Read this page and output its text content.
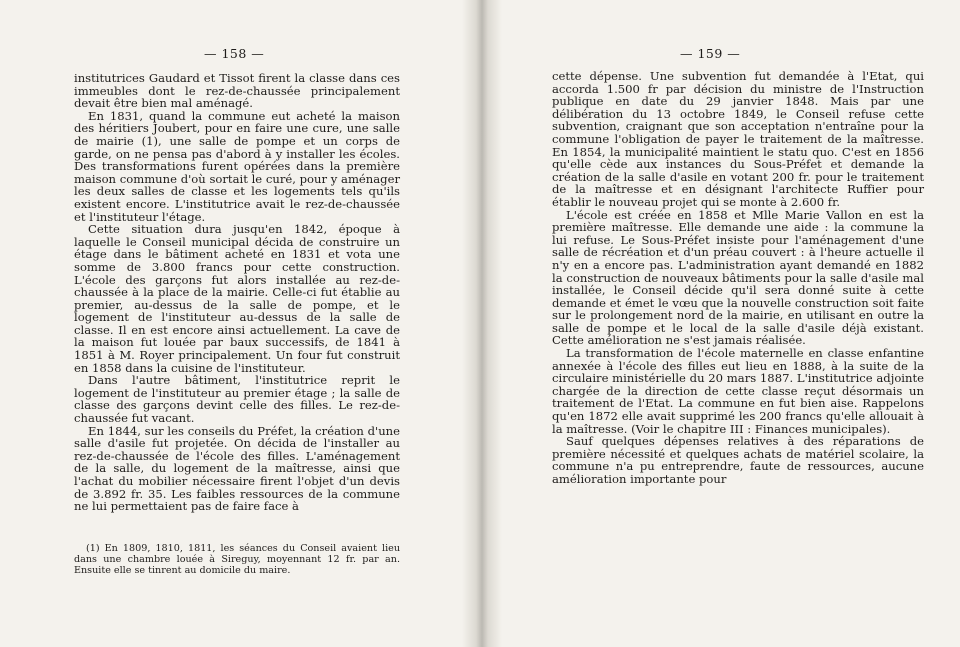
— 158 —

institutrices Gaudard et Tissot firent la classe dans ces immeubles dont le rez-de-chaussée principalement devait être bien mal aménagé.

En 1831, quand la commune eut acheté la maison des héritiers Joubert, pour en faire une cure, une salle de mairie (1), une salle de pompe et un corps de garde, on ne pensa pas d'abord à y installer les écoles. Des transformations furent opérées dans la première maison commune d'où sortait le curé, pour y aménager les deux salles de classe et les logements tels qu'ils existent encore. L'institutrice avait le rez-de-chaussée et l'instituteur l'étage.

Cette situation dura jusqu'en 1842, époque à laquelle le Conseil municipal décida de construire un étage dans le bâtiment acheté en 1831 et vota une somme de 3.800 francs pour cette construction. L'école des garçons fut alors installée au rez-de-chaussée à la place de la mairie. Celle-ci fut établie au premier, au-dessus de la salle de pompe, et le logement de l'instituteur au-dessus de la salle de classe. Il en est encore ainsi actuellement. La cave de la maison fut louée par baux successifs, de 1841 à 1851 à M. Royer principalement. Un four fut construit en 1858 dans la cuisine de l'instituteur.

Dans l'autre bâtiment, l'institutrice reprit le logement de l'instituteur au premier étage ; la salle de classe des garçons devint celle des filles. Le rez-de-chaussée fut vacant.

En 1844, sur les conseils du Préfet, la création d'une salle d'asile fut projetée. On décida de l'installer au rez-de-chaussée de l'école des filles. L'aménagement de la salle, du logement de la maîtresse, ainsi que l'achat du mobilier nécessaire firent l'objet d'un devis de 3.892 fr. 35. Les faibles ressources de la commune ne lui permettaient pas de faire face à

(1) En 1809, 1810, 1811, les séances du Conseil avaient lieu dans une chambre louée à Sireguy, moyennant 12 fr. par an. Ensuite elle se tinrent au domicile du maire.

— 159 —

cette dépense. Une subvention fut demandée à l'Etat, qui accorda 1.500 fr par décision du ministre de l'Instruction publique en date du 29 janvier 1848. Mais par une délibération du 13 octobre 1849, le Conseil refuse cette subvention, craignant que son acceptation n'entraîne pour la commune l'obligation de payer le traitement de la maîtresse. En 1854, la municipalité maintient le statu quo. C'est en 1856 qu'elle cède aux instances du Sous-Préfet et demande la création de la salle d'asile en votant 200 fr. pour le traitement de la maîtresse et en désignant l'architecte Ruffier pour établir le nouveau projet qui se monte à 2.600 fr.

L'école est créée en 1858 et Mlle Marie Vallon en est la première maîtresse. Elle demande une aide : la commune la lui refuse. Le Sous-Préfet insiste pour l'aménagement d'une salle de récréation et d'un préau couvert : à l'heure actuelle il n'y en a encore pas. L'administration ayant demandé en 1882 la construction de nouveaux bâtiments pour la salle d'asile mal installée, le Conseil décide qu'il sera donné suite à cette demande et émet le vœu que la nouvelle construction soit faite sur le prolongement nord de la mairie, en utilisant en outre la salle de pompe et le local de la salle d'asile déjà existant. Cette amélioration ne s'est jamais réalisée.

La transformation de l'école maternelle en classe enfantine annexée à l'école des filles eut lieu en 1888, à la suite de la circulaire ministérielle du 20 mars 1887. L'institutrice adjointe chargée de la direction de cette classe reçut désormais un traitement de l'Etat. La commune en fut bien aise. Rappelons qu'en 1872 elle avait supprimé les 200 francs qu'elle allouait à la maîtresse. (Voir le chapitre III : Finances municipales).

Sauf quelques dépenses relatives à des réparations de première nécessité et quelques achats de matériel scolaire, la commune n'a pu entreprendre, faute de ressources, aucune amélioration importante pour
